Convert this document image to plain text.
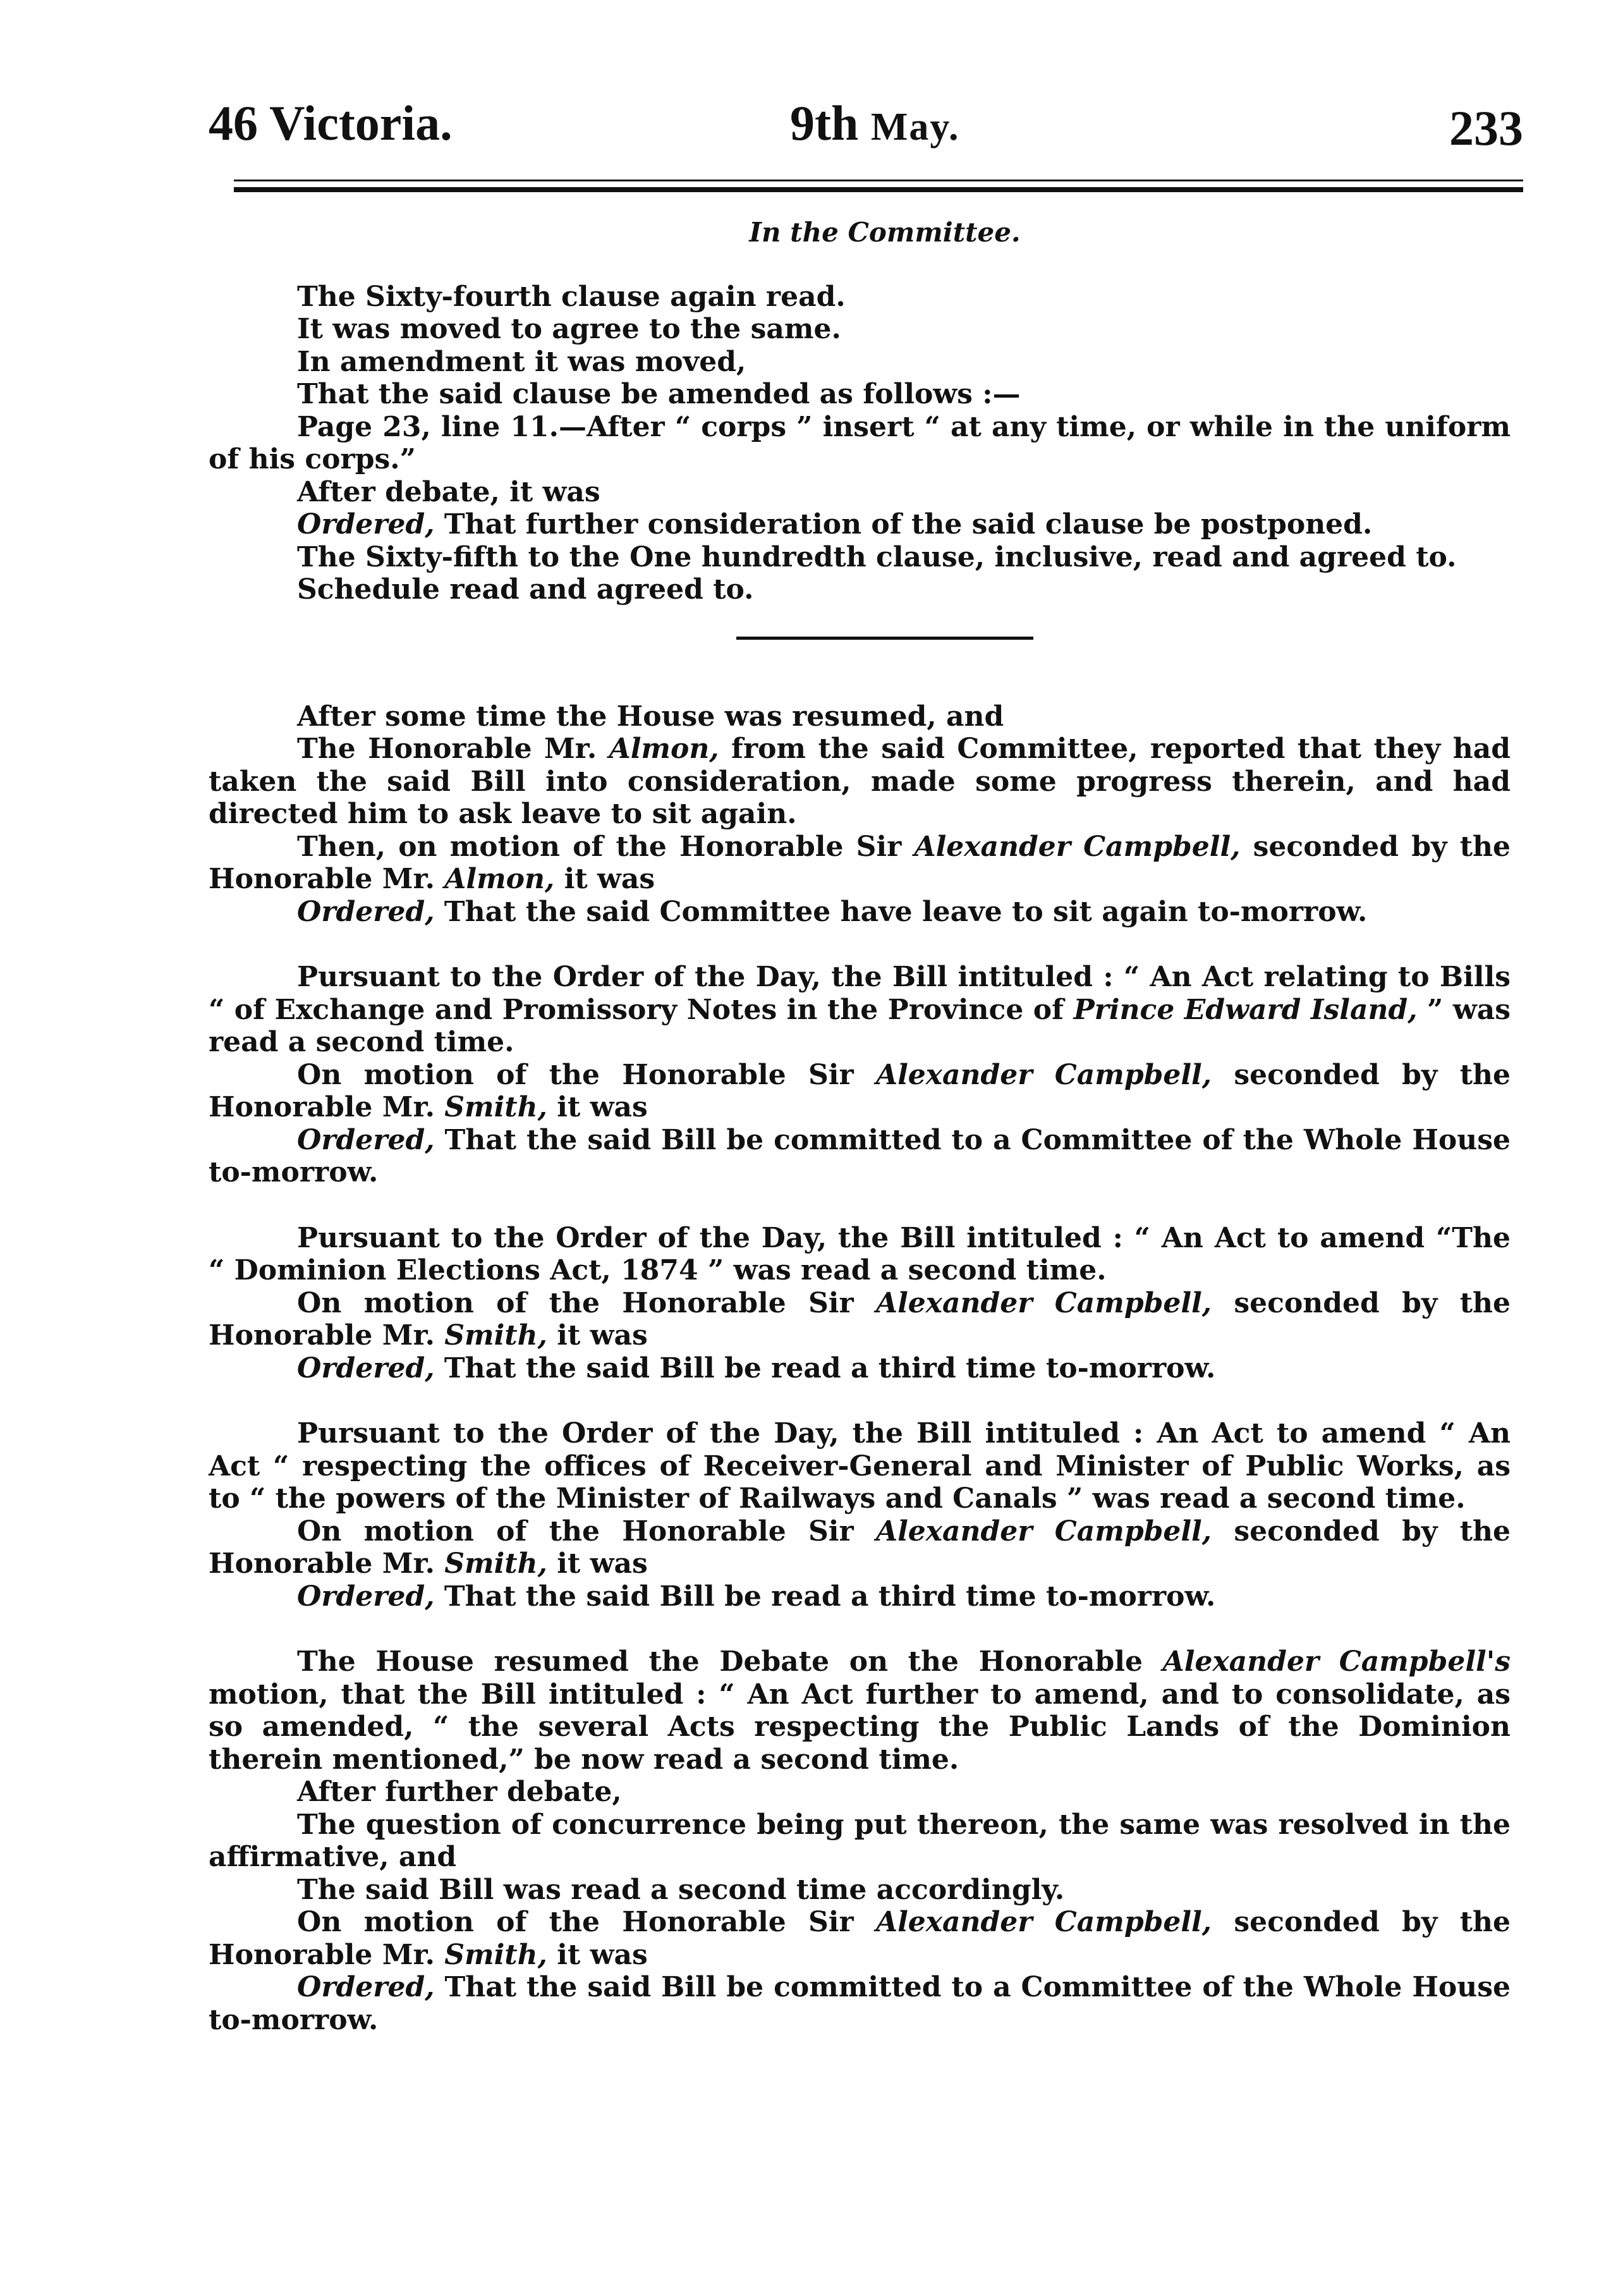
46 Victoria.	9th May.	233
In the Committee.

The Sixty-fourth clause again read.

It was moved to agree to the same.

In amendment it was moved,

That the said clause be amended as follows :—

Page 23, line 11.—After “ corps ” insert “ at any time, or while in the uniform of his corps.”

After debate, it was

Ordered, That further consideration of the said clause be postponed.

The Sixty-fifth to the One hundredth clause, inclusive, read and agreed to.

Schedule read and agreed to.

After some time the House was resumed, and

The Honorable Mr. Almon, from the said Committee, reported that they had taken the said Bill into consideration, made some progress therein, and had directed him to ask leave to sit again.

Then, on motion of the Honorable Sir Alexander Campbell, seconded by the Honorable Mr. Almon, it was

Ordered, That the said Committee have leave to sit again to-morrow.

Pursuant to the Order of the Day, the Bill intituled : “ An Act relating to Bills “ of Exchange and Promissory Notes in the Province of Prince Edward Island, ” was read a second time.

On motion of the Honorable Sir Alexander Campbell, seconded by the Honorable Mr. Smith, it was

Ordered, That the said Bill be committed to a Committee of the Whole House to-morrow.

Pursuant to the Order of the Day, the Bill intituled : “ An Act to amend “The “ Dominion Elections Act, 1874 ” was read a second time.

On motion of the Honorable Sir Alexander Campbell, seconded by the Honorable Mr. Smith, it was

Ordered, That the said Bill be read a third time to-morrow.

Pursuant to the Order of the Day, the Bill intituled : An Act to amend “ An Act “ respecting the offices of Receiver-General and Minister of Public Works, as to “ the powers of the Minister of Railways and Canals ” was read a second time.

On motion of the Honorable Sir Alexander Campbell, seconded by the Honorable Mr. Smith, it was

Ordered, That the said Bill be read a third time to-morrow.

The House resumed the Debate on the Honorable Alexander Campbell's motion, that the Bill intituled : “ An Act further to amend, and to consolidate, as so amended, “ the several Acts respecting the Public Lands of the Dominion therein mentioned,” be now read a second time.

After further debate,

The question of concurrence being put thereon, the same was resolved in the affirmative, and

The said Bill was read a second time accordingly.

On motion of the Honorable Sir Alexander Campbell, seconded by the Honorable Mr. Smith, it was

Ordered, That the said Bill be committed to a Committee of the Whole House to-morrow.
